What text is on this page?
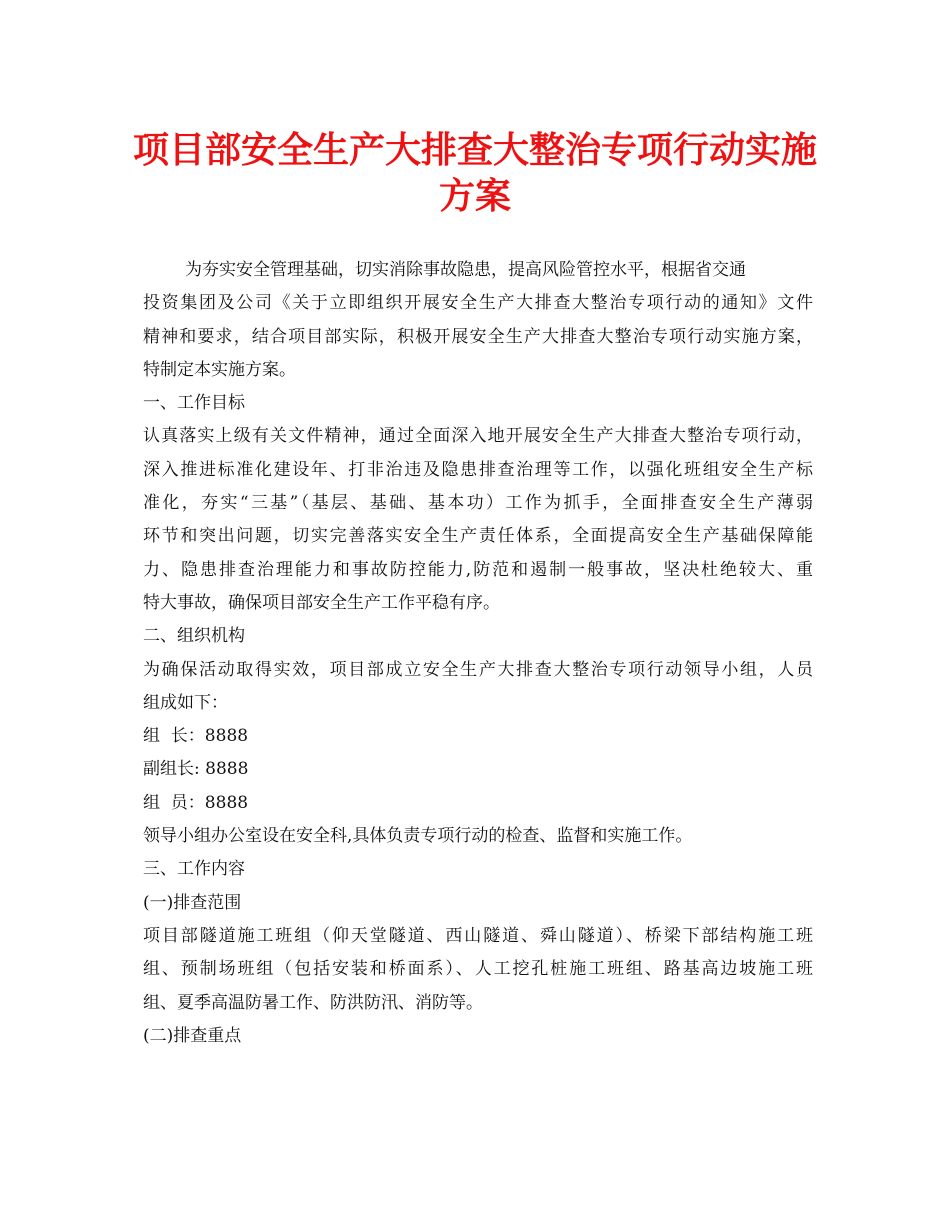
项目部安全生产大排查大整治专项行动实施
方案
为夯实安全管理基础，切实消除事故隐患，提高风险管控水平，根据省交通
投资集团及公司《关于立即组织开展安全生产大排查大整治专项行动的通知》文件
精神和要求，结合项目部实际，积极开展安全生产大排查大整治专项行动实施方案，
特制定本实施方案。
一、工作目标
认真落实上级有关文件精神，通过全面深入地开展安全生产大排查大整治专项行动，
深入推进标准化建设年、打非治违及隐患排查治理等工作，以强化班组安全生产标
准化，夯实“三基”（基层、基础、基本功）工作为抓手，全面排查安全生产薄弱
环节和突出问题，切实完善落实安全生产责任体系，全面提高安全生产基础保障能
力、隐患排查治理能力和事故防控能力,防范和遏制一般事故，坚决杜绝较大、重
特大事故，确保项目部安全生产工作平稳有序。
二、组织机构
为确保活动取得实效，项目部成立安全生产大排查大整治专项行动领导小组，人员
组成如下：
组  长：8888
副组长: 8888
组  员：8888
领导小组办公室设在安全科,具体负责专项行动的检查、监督和实施工作。
三、工作内容
(一)排查范围
项目部隧道施工班组（仰天堂隧道、西山隧道、舜山隧道）、桥梁下部结构施工班
组、预制场班组（包括安装和桥面系）、人工挖孔桩施工班组、路基高边坡施工班
组、夏季高温防暑工作、防洪防汛、消防等。
(二)排查重点
